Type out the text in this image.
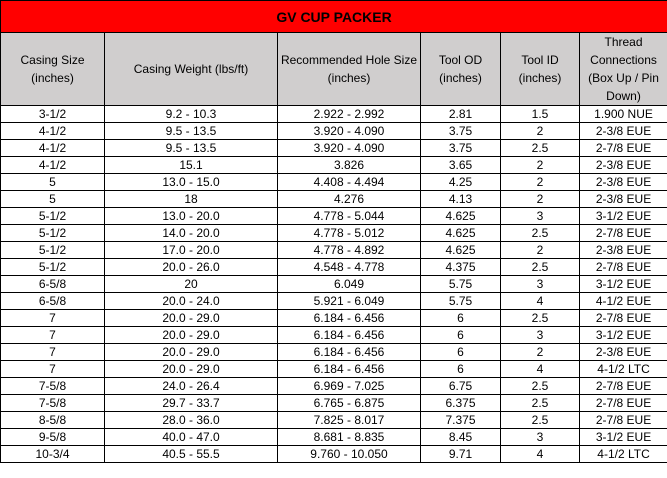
GV CUP PACKER					
Casing Size (inches)	Casing Weight (lbs/ft)	Recommended Hole Size (inches)	Tool OD (inches)	Tool ID (inches)	Thread Connections (Box Up / Pin Down)
3-1/2	9.2 - 10.3	2.922 - 2.992	2.81	1.5	1.900 NUE
4-1/2	9.5 - 13.5	3.920 - 4.090	3.75	2	2-3/8 EUE
4-1/2	9.5 - 13.5	3.920 - 4.090	3.75	2.5	2-7/8 EUE
4-1/2	15.1	3.826	3.65	2	2-3/8 EUE
5	13.0 - 15.0	4.408 - 4.494	4.25	2	2-3/8 EUE
5	18	4.276	4.13	2	2-3/8 EUE
5-1/2	13.0 - 20.0	4.778 - 5.044	4.625	3	3-1/2 EUE
5-1/2	14.0 - 20.0	4.778 - 5.012	4.625	2.5	2-7/8 EUE
5-1/2	17.0 - 20.0	4.778 - 4.892	4.625	2	2-3/8 EUE
5-1/2	20.0 - 26.0	4.548 - 4.778	4.375	2.5	2-7/8 EUE
6-5/8	20	6.049	5.75	3	3-1/2 EUE
6-5/8	20.0 - 24.0	5.921 - 6.049	5.75	4	4-1/2 EUE
7	20.0 - 29.0	6.184 - 6.456	6	2.5	2-7/8 EUE
7	20.0 - 29.0	6.184 - 6.456	6	3	3-1/2 EUE
7	20.0 - 29.0	6.184 - 6.456	6	2	2-3/8 EUE
7	20.0 - 29.0	6.184 - 6.456	6	4	4-1/2 LTC
7-5/8	24.0 - 26.4	6.969 - 7.025	6.75	2.5	2-7/8 EUE
7-5/8	29.7 - 33.7	6.765 - 6.875	6.375	2.5	2-7/8 EUE
8-5/8	28.0 - 36.0	7.825 - 8.017	7.375	2.5	2-7/8 EUE
9-5/8	40.0 - 47.0	8.681 - 8.835	8.45	3	3-1/2 EUE
10-3/4	40.5 - 55.5	9.760 - 10.050	9.71	4	4-1/2 LTC
